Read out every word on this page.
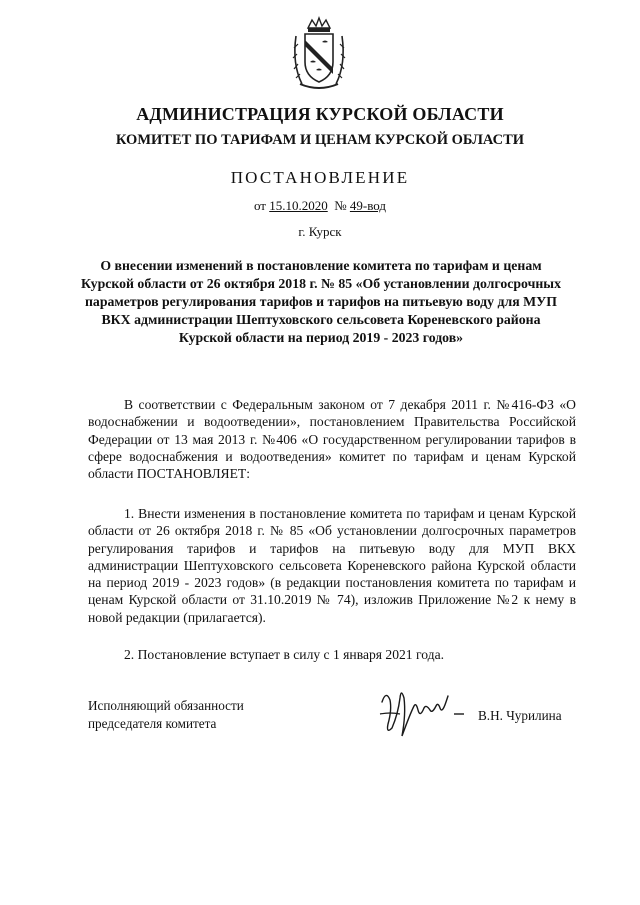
АДМИНИСТРАЦИЯ КУРСКОЙ ОБЛАСТИ
КОМИТЕТ ПО ТАРИФАМ И ЦЕНАМ КУРСКОЙ ОБЛАСТИ
ПОСТАНОВЛЕНИЕ
от 15.10.2020 № 49-вод
г. Курск
О внесении изменений в постановление комитета по тарифам и ценам Курской области от 26 октября 2018 г. № 85 «Об установлении долгосрочных параметров регулирования тарифов и тарифов на питьевую воду для МУП ВКХ администрации Шептуховского сельсовета Кореневского района Курской области на период 2019 - 2023 годов»
В соответствии с Федеральным законом от 7 декабря 2011 г. №416-ФЗ «О водоснабжении и водоотведении», постановлением Правительства Российской Федерации от 13 мая 2013 г. №406 «О государственном регулировании тарифов в сфере водоснабжения и водоотведения» комитет по тарифам и ценам Курской области ПОСТАНОВЛЯЕТ:
1. Внести изменения в постановление комитета по тарифам и ценам Курской области от 26 октября 2018 г. № 85 «Об установлении долгосрочных параметров регулирования тарифов и тарифов на питьевую воду для МУП ВКХ администрации Шептуховского сельсовета Кореневского района Курской области на период 2019 - 2023 годов» (в редакции постановления комитета по тарифам и ценам Курской области от 31.10.2019 № 74), изложив Приложение №2 к нему в новой редакции (прилагается).
2. Постановление вступает в силу с 1 января 2021 года.
Исполняющий обязанности
председателя комитета
В.Н. Чурилина
